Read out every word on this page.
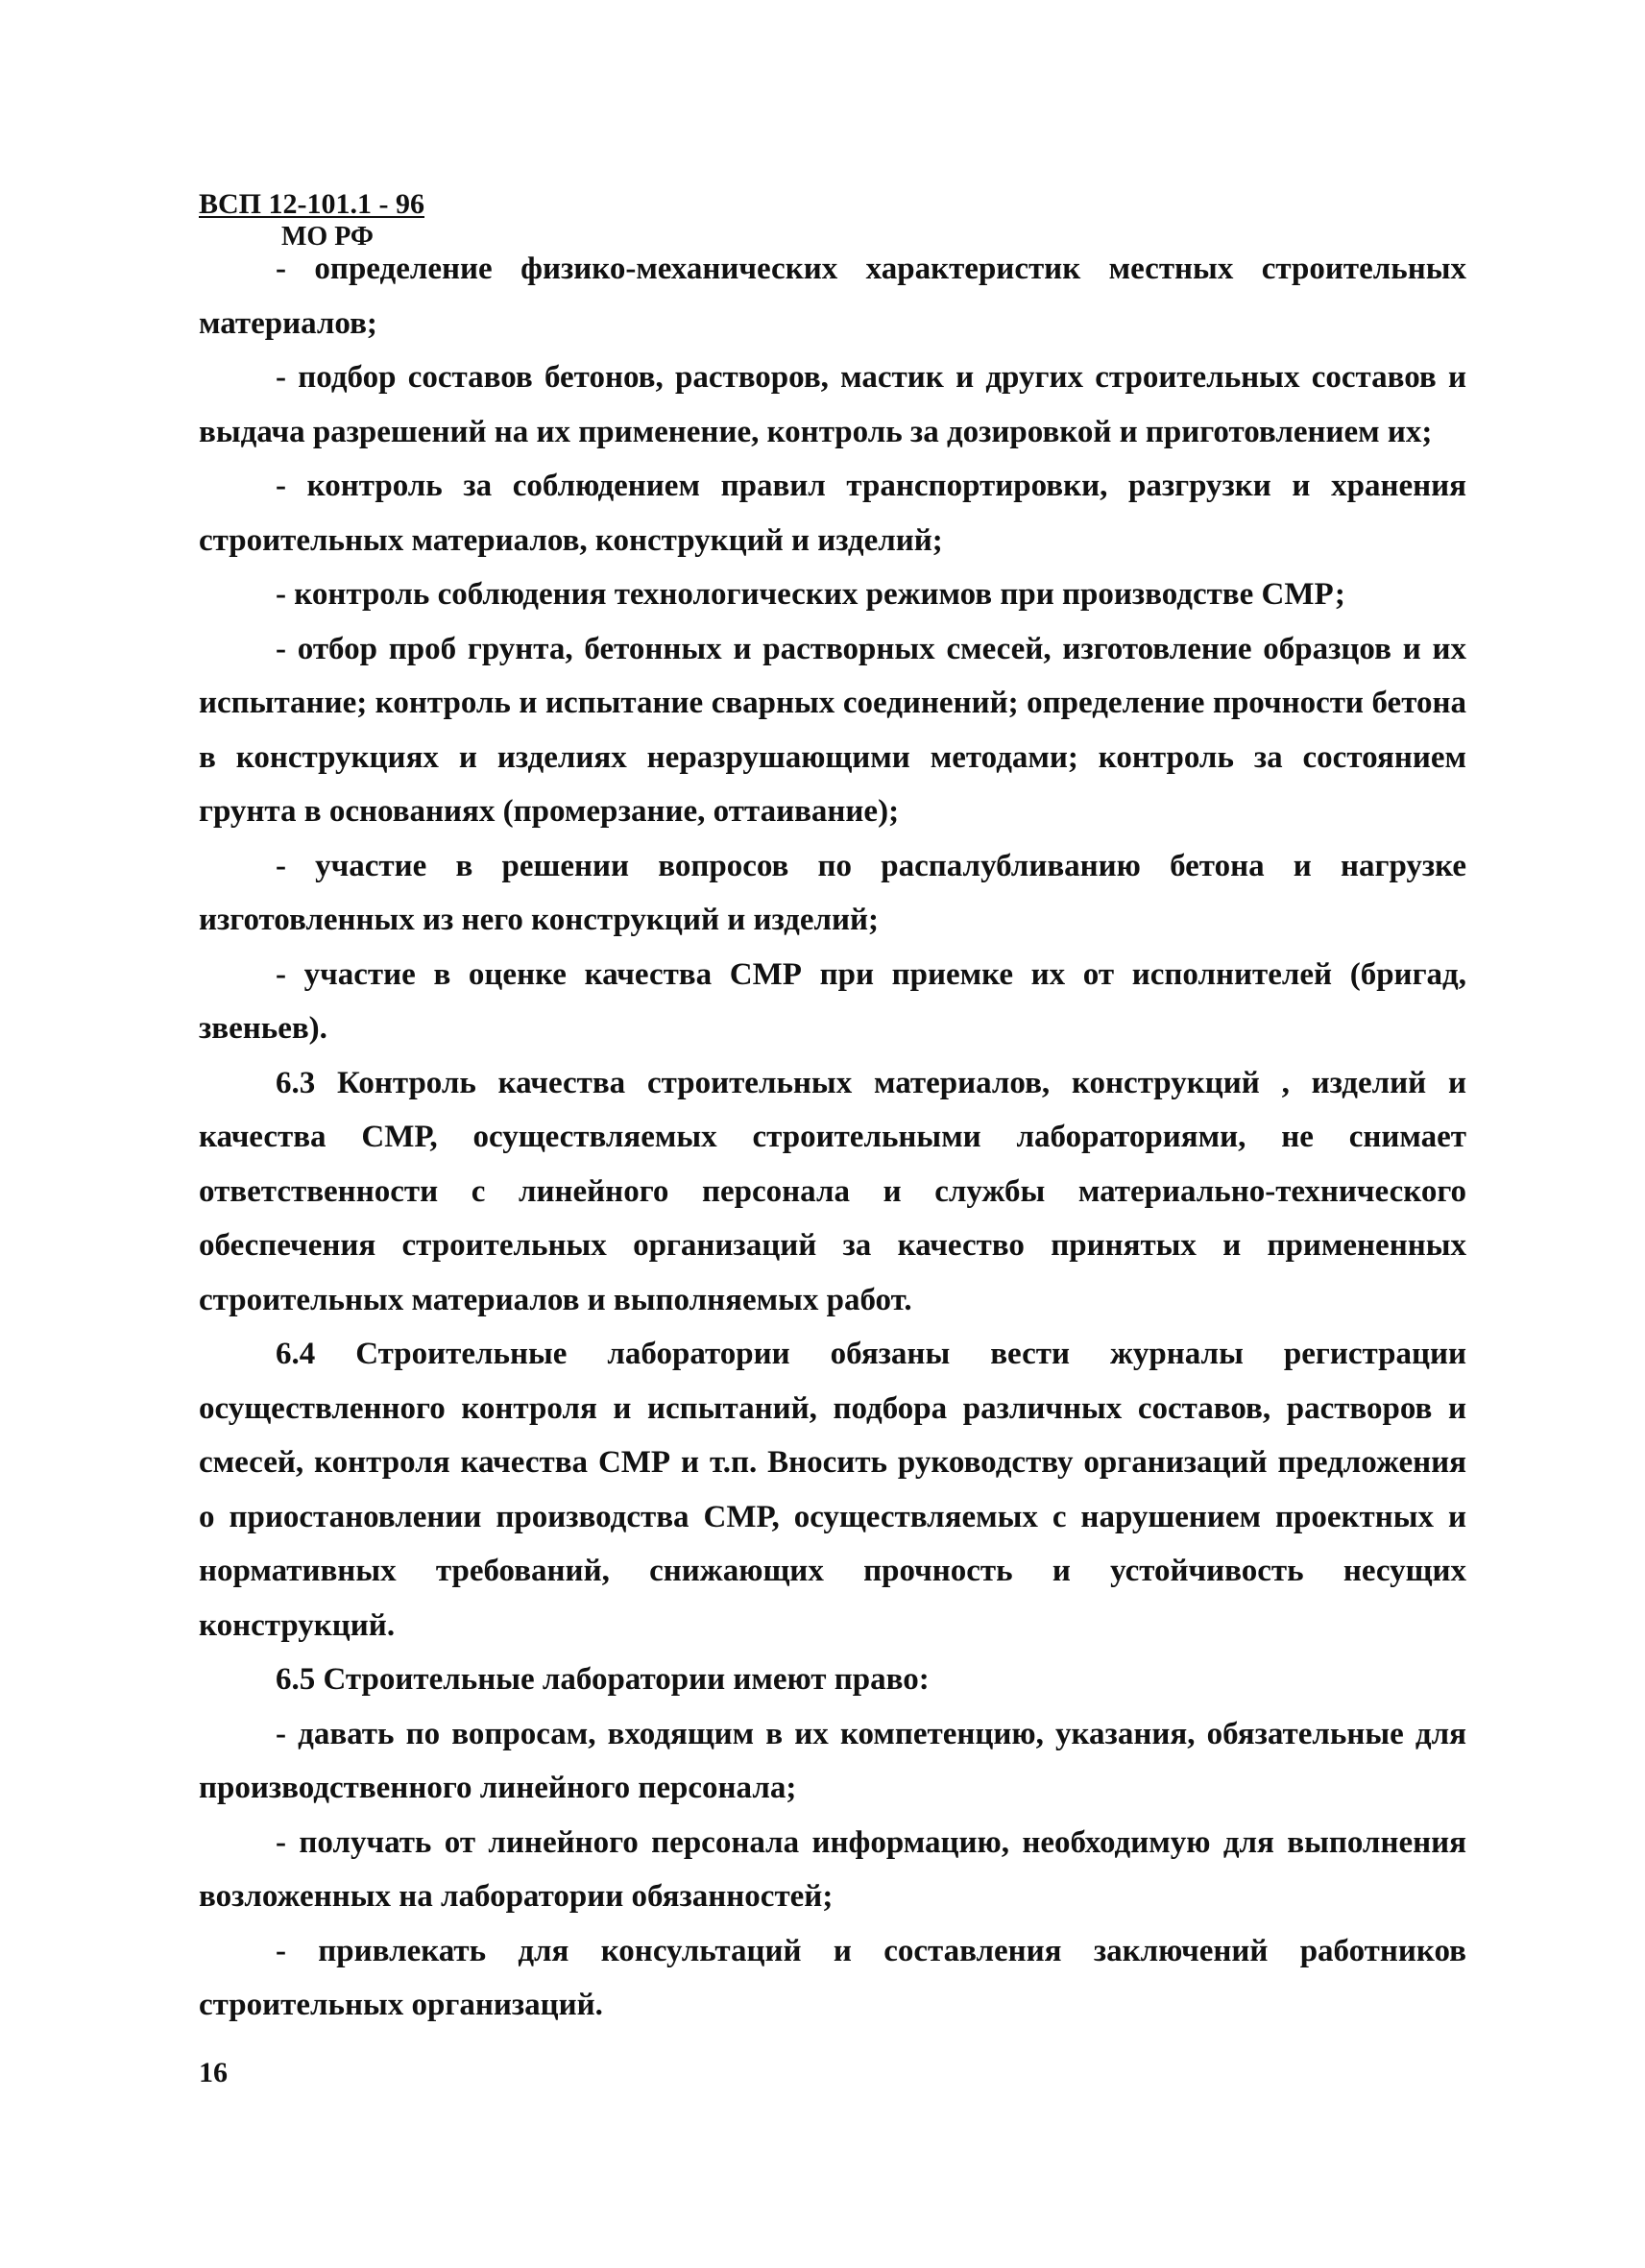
ВСП 12-101.1 - 96
МО РФ

- определение физико-механических характеристик местных строительных материалов;

- подбор составов бетонов, растворов, мастик и других строительных составов и выдача разрешений на их применение, контроль за дозировкой и приготовлением их;

- контроль за соблюдением правил транспортировки, разгрузки и хранения строительных материалов, конструкций и изделий;

- контроль соблюдения технологических режимов при производстве СМР;

- отбор проб грунта, бетонных и растворных смесей, изготовление образцов и их испытание; контроль и испытание сварных соединений; определение прочности бетона в конструкциях и изделиях неразрушающими методами; контроль за состоянием грунта в основаниях (промерзание, оттаивание);

- участие в решении вопросов по распалубливанию бетона и нагрузке изготовленных из него конструкций и изделий;

- участие в оценке качества СМР при приемке их от исполнителей (бригад, звеньев).

6.3 Контроль качества строительных материалов, конструкций , изделий и качества СМР, осуществляемых строительными лабораториями, не снимает ответственности с линейного персонала и службы материально-технического обеспечения строительных организаций за качество принятых и примененных строительных материалов и выполняемых работ.

6.4 Строительные лаборатории обязаны вести журналы регистрации осуществленного контроля и испытаний, подбора различных составов, растворов и смесей, контроля качества СМР и т.п. Вносить руководству организаций предложения о приостановлении производства СМР, осуществляемых с нарушением проектных и нормативных требований, снижающих прочность и устойчивость несущих конструкций.

6.5 Строительные лаборатории имеют право:

- давать по вопросам, входящим в их компетенцию, указания, обязательные для производственного линейного персонала;

- получать от линейного персонала информацию, необходимую для выполнения возложенных на лаборатории обязанностей;

- привлекать для консультаций и составления заключений работников строительных организаций.

16
